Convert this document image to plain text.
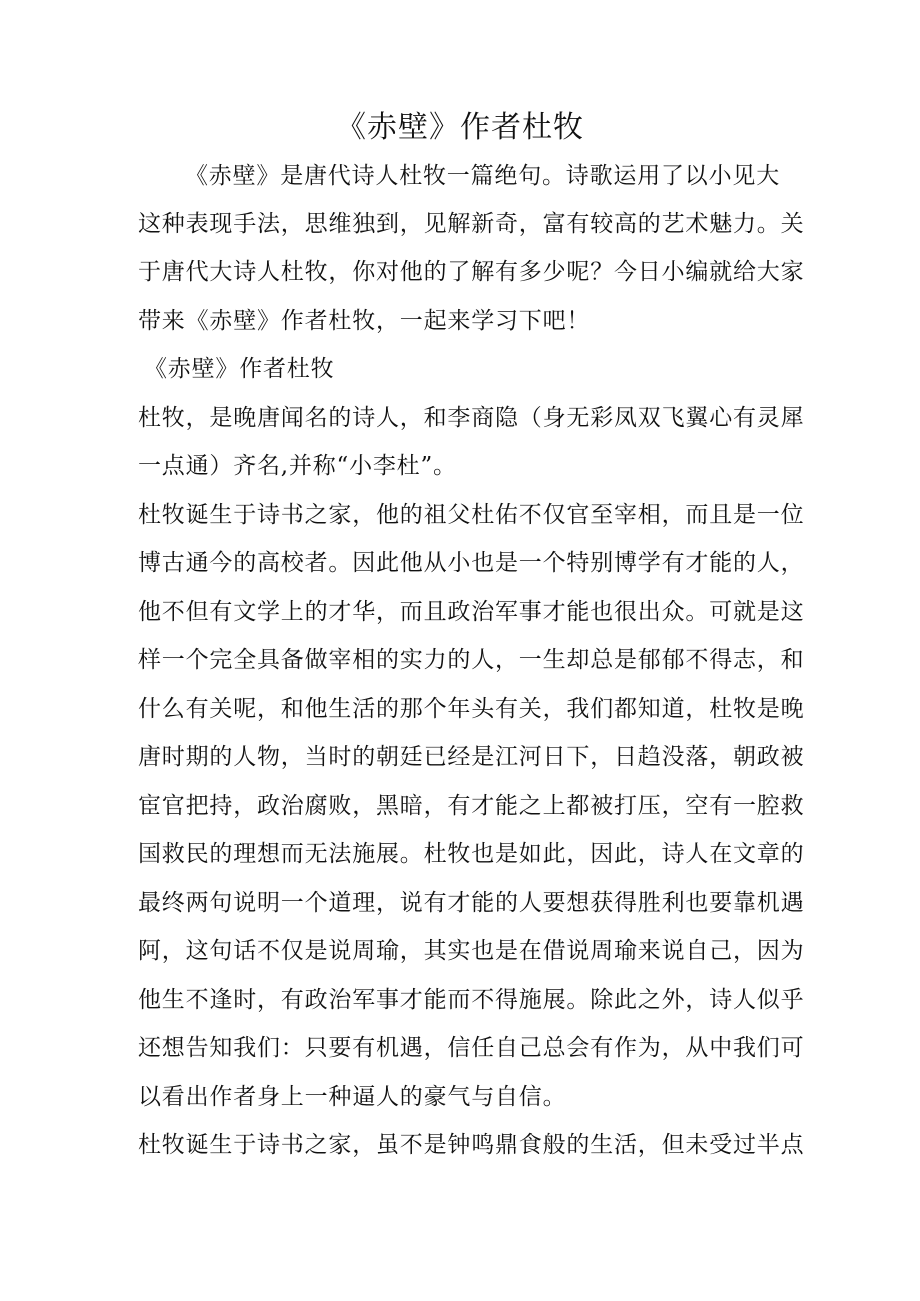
《赤壁》作者杜牧
《赤壁》是唐代诗人杜牧一篇绝句。诗歌运用了以小见大
这种表现手法，思维独到，见解新奇，富有较高的艺术魅力。关
于唐代大诗人杜牧，你对他的了解有多少呢？今日小编就给大家
带来《赤壁》作者杜牧，一起来学习下吧！
《赤壁》作者杜牧
杜牧，是晚唐闻名的诗人，和李商隐（身无彩凤双飞翼心有灵犀
一点通）齐名,并称“小李杜”。
杜牧诞生于诗书之家，他的祖父杜佑不仅官至宰相，而且是一位
博古通今的高校者。因此他从小也是一个特别博学有才能的人，
他不但有文学上的才华，而且政治军事才能也很出众。可就是这
样一个完全具备做宰相的实力的人，一生却总是郁郁不得志，和
什么有关呢，和他生活的那个年头有关，我们都知道，杜牧是晚
唐时期的人物，当时的朝廷已经是江河日下，日趋没落，朝政被
宦官把持，政治腐败，黑暗，有才能之上都被打压，空有一腔救
国救民的理想而无法施展。杜牧也是如此，因此，诗人在文章的
最终两句说明一个道理，说有才能的人要想获得胜利也要靠机遇
阿，这句话不仅是说周瑜，其实也是在借说周瑜来说自己，因为
他生不逢时，有政治军事才能而不得施展。除此之外，诗人似乎
还想告知我们：只要有机遇，信任自己总会有作为，从中我们可
以看出作者身上一种逼人的豪气与自信。
杜牧诞生于诗书之家，虽不是钟鸣鼎食般的生活，但未受过半点
